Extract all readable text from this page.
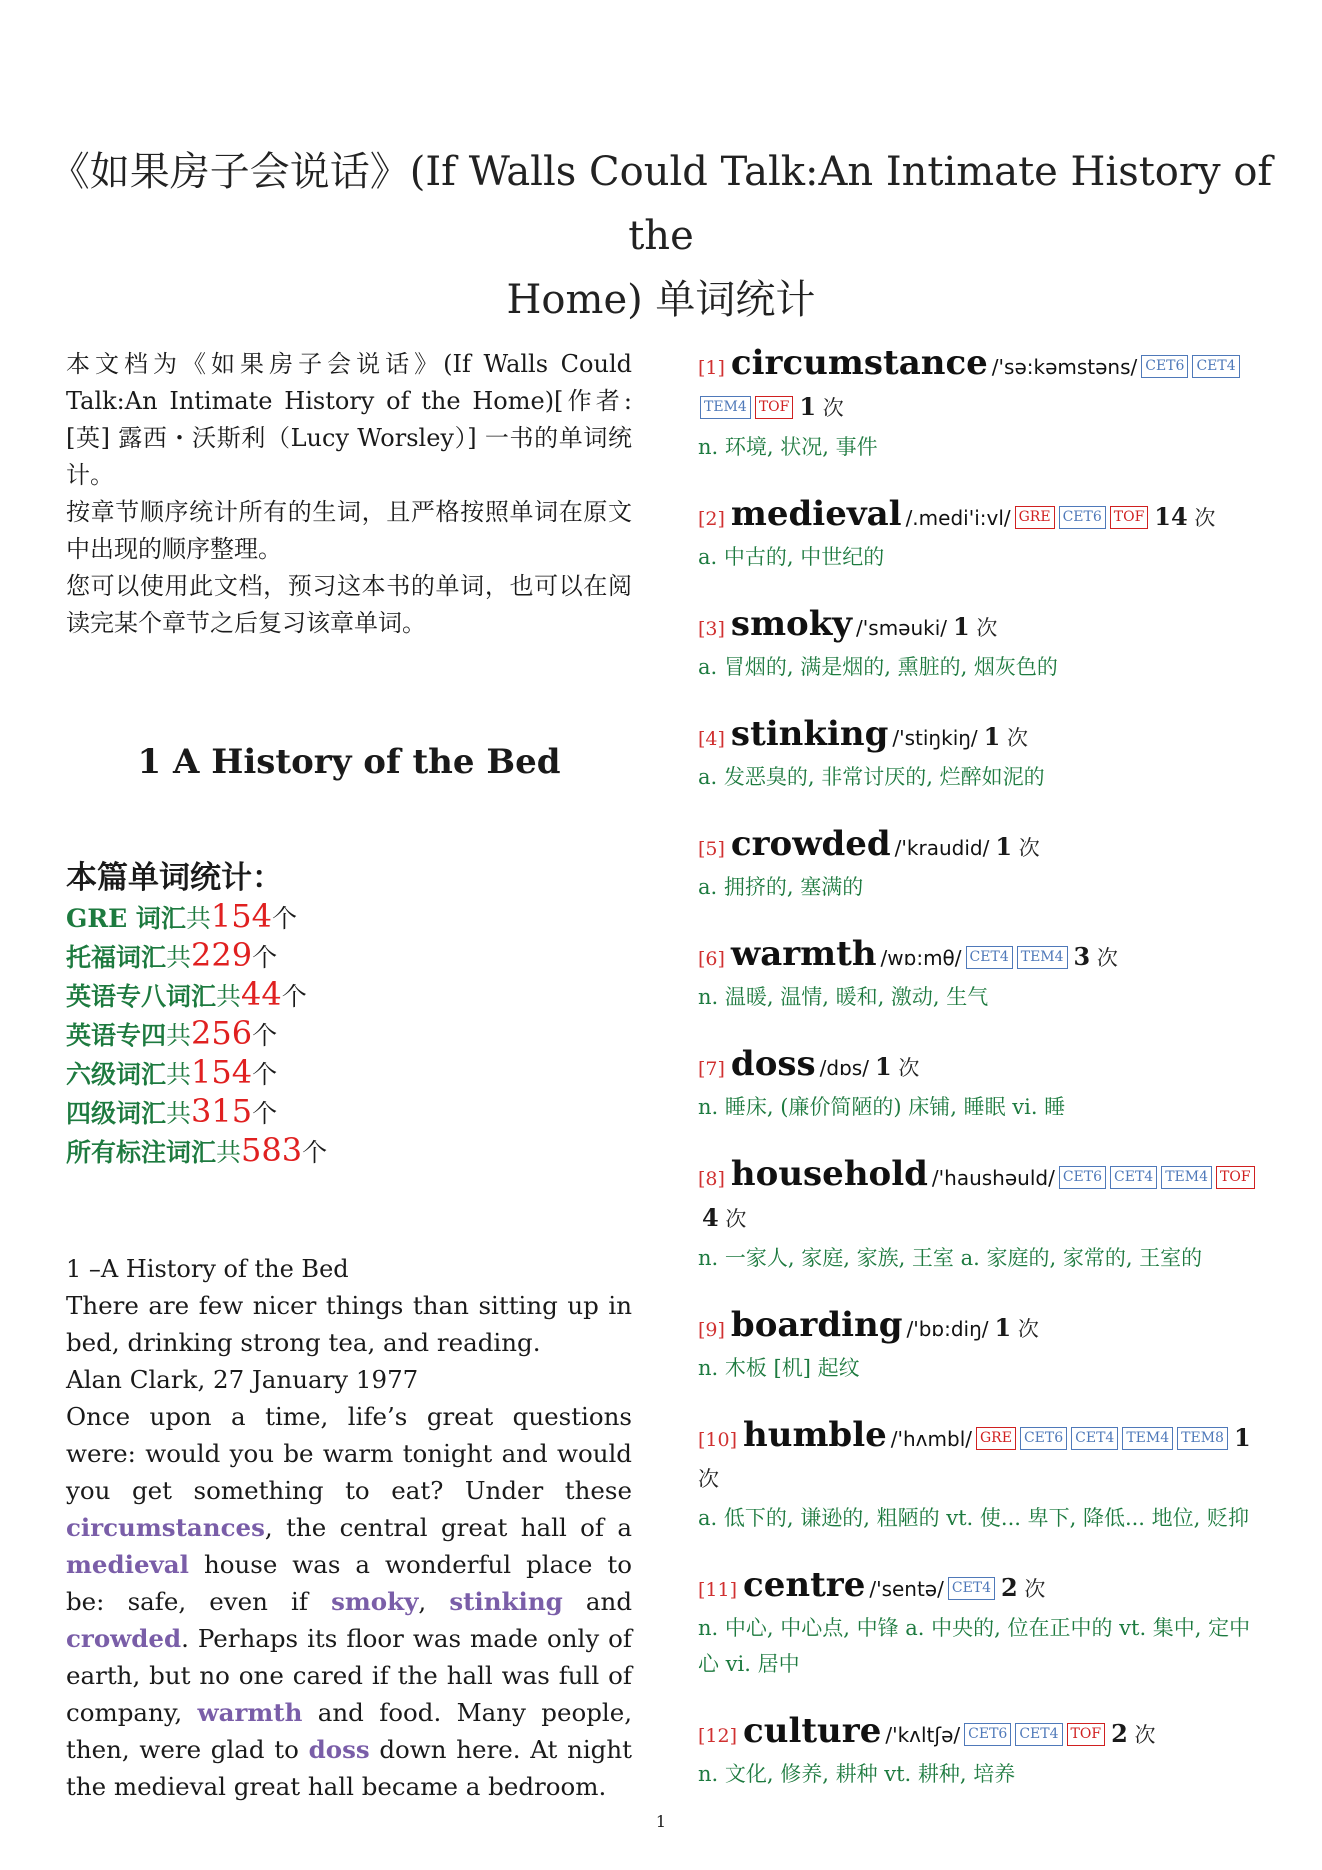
《如果房子会说话》(If Walls Could Talk:An Intimate History of the
Home) 单词统计

本文档为《如果房子会说话》(If Walls Could Talk:An Intimate History of the Home)[作者: [英] 露西・沃斯利（Lucy Worsley）] 一书的单词统计。

按章节顺序统计所有的生词，且严格按照单词在原文中出现的顺序整理。

您可以使用此文档，预习这本书的单词，也可以在阅读完某个章节之后复习该章单词。

1 A History of the Bed
本篇单词统计：
GRE 词汇共154个
托福词汇共229个
英语专八词汇共44个
英语专四共256个
六级词汇共154个
四级词汇共315个
所有标注词汇共583个
1 –A History of the Bed

There are few nicer things than sitting up in bed, drinking strong tea, and reading.

Alan Clark, 27 January 1977

Once upon a time, life’s great questions were: would you be warm tonight and would you get something to eat? Under these circumstances, the central great hall of a medieval house was a wonderful place to be: safe, even if smoky, stinking and crowded. Perhaps its floor was made only of earth, but no one cared if the hall was full of company, warmth and food. Many people, then, were glad to doss down here. At night the medieval great hall became a bedroom.

[1] circumstance /'sə:kəmstəns/ CET6 CET4TEM4 TOF 1 次
n. 环境, 状况, 事件
[2] medieval /.medi'i:vl/ GRE CET6 TOF 14 次
a. 中古的, 中世纪的
[3] smoky /'sməuki/ 1 次
a. 冒烟的, 满是烟的, 熏脏的, 烟灰色的
[4] stinking /'stiŋkiŋ/ 1 次
a. 发恶臭的, 非常讨厌的, 烂醉如泥的
[5] crowded /'kraudid/ 1 次
a. 拥挤的, 塞满的
[6] warmth /wɒ:mθ/ CET4 TEM4 3 次
n. 温暖, 温情, 暖和, 激动, 生气
[7] doss /dɒs/ 1 次
n. 睡床, (廉价简陋的) 床铺, 睡眠 vi. 睡
[8] household /'haushəuld/ CET6 CET4 TEM4 TOF4 次
n. 一家人, 家庭, 家族, 王室 a. 家庭的, 家常的, 王室的
[9] boarding /'bɒ:diŋ/ 1 次
n. 木板 [机] 起纹
[10] humble /'hʌmbl/ GRE CET6 CET4 TEM4 TEM8 1 次
a. 低下的, 谦逊的, 粗陋的 vt. 使... 卑下, 降低... 地位, 贬抑
[11] centre /'sentə/ CET4 2 次
n. 中心, 中心点, 中锋 a. 中央的, 位在正中的 vt. 集中, 定中心 vi. 居中
[12] culture /'kʌltʃə/ CET6 CET4 TOF 2 次
n. 文化, 修养, 耕种 vt. 耕种, 培养
1
